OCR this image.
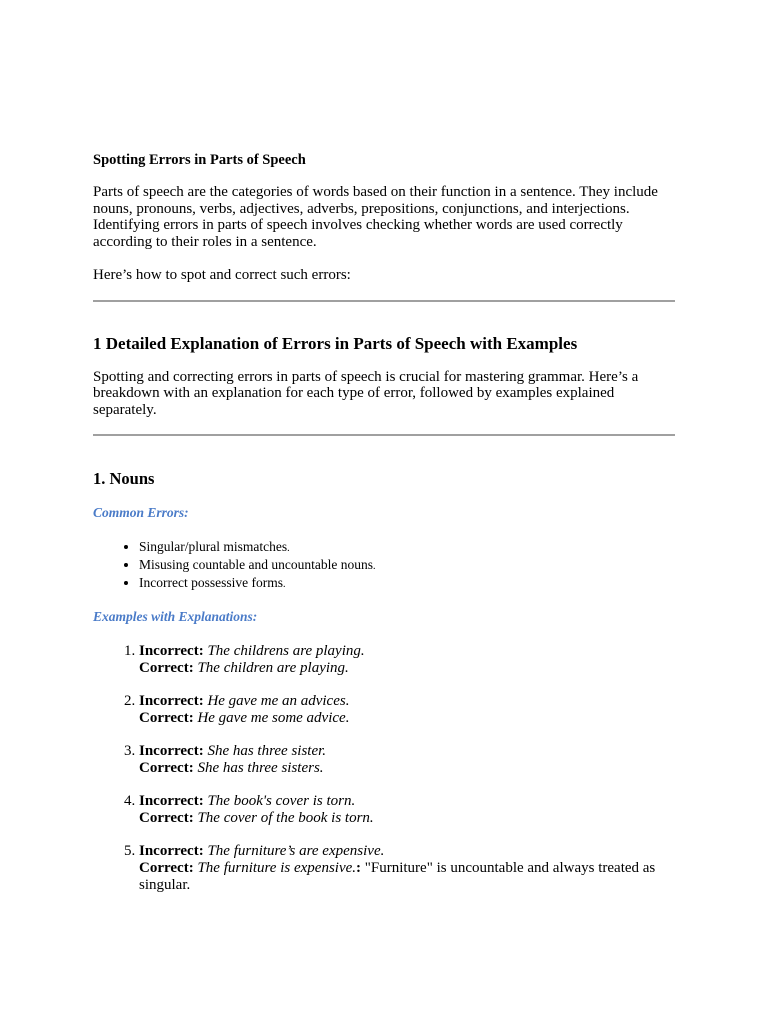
Spotting Errors in Parts of Speech

Parts of speech are the categories of words based on their function in a sentence. They include nouns, pronouns, verbs, adjectives, adverbs, prepositions, conjunctions, and interjections. Identifying errors in parts of speech involves checking whether words are used correctly according to their roles in a sentence.

Here’s how to spot and correct such errors:

1 Detailed Explanation of Errors in Parts of Speech with Examples

Spotting and correcting errors in parts of speech is crucial for mastering grammar. Here’s a breakdown with an explanation for each type of error, followed by examples explained separately.

1. Nouns

Common Errors:

• Singular/plural mismatches.
• Misusing countable and uncountable nouns.
• Incorrect possessive forms.

Examples with Explanations:

1. Incorrect: The childrens are playing.
Correct: The children are playing.
2. Incorrect: He gave me an advices.
Correct: He gave me some advice.
3. Incorrect: She has three sister.
Correct: She has three sisters.
4. Incorrect: The book's cover is torn.
Correct: The cover of the book is torn.
5. Incorrect: The furniture’s are expensive.
Correct: The furniture is expensive.: "Furniture" is uncountable and always treated as singular.
